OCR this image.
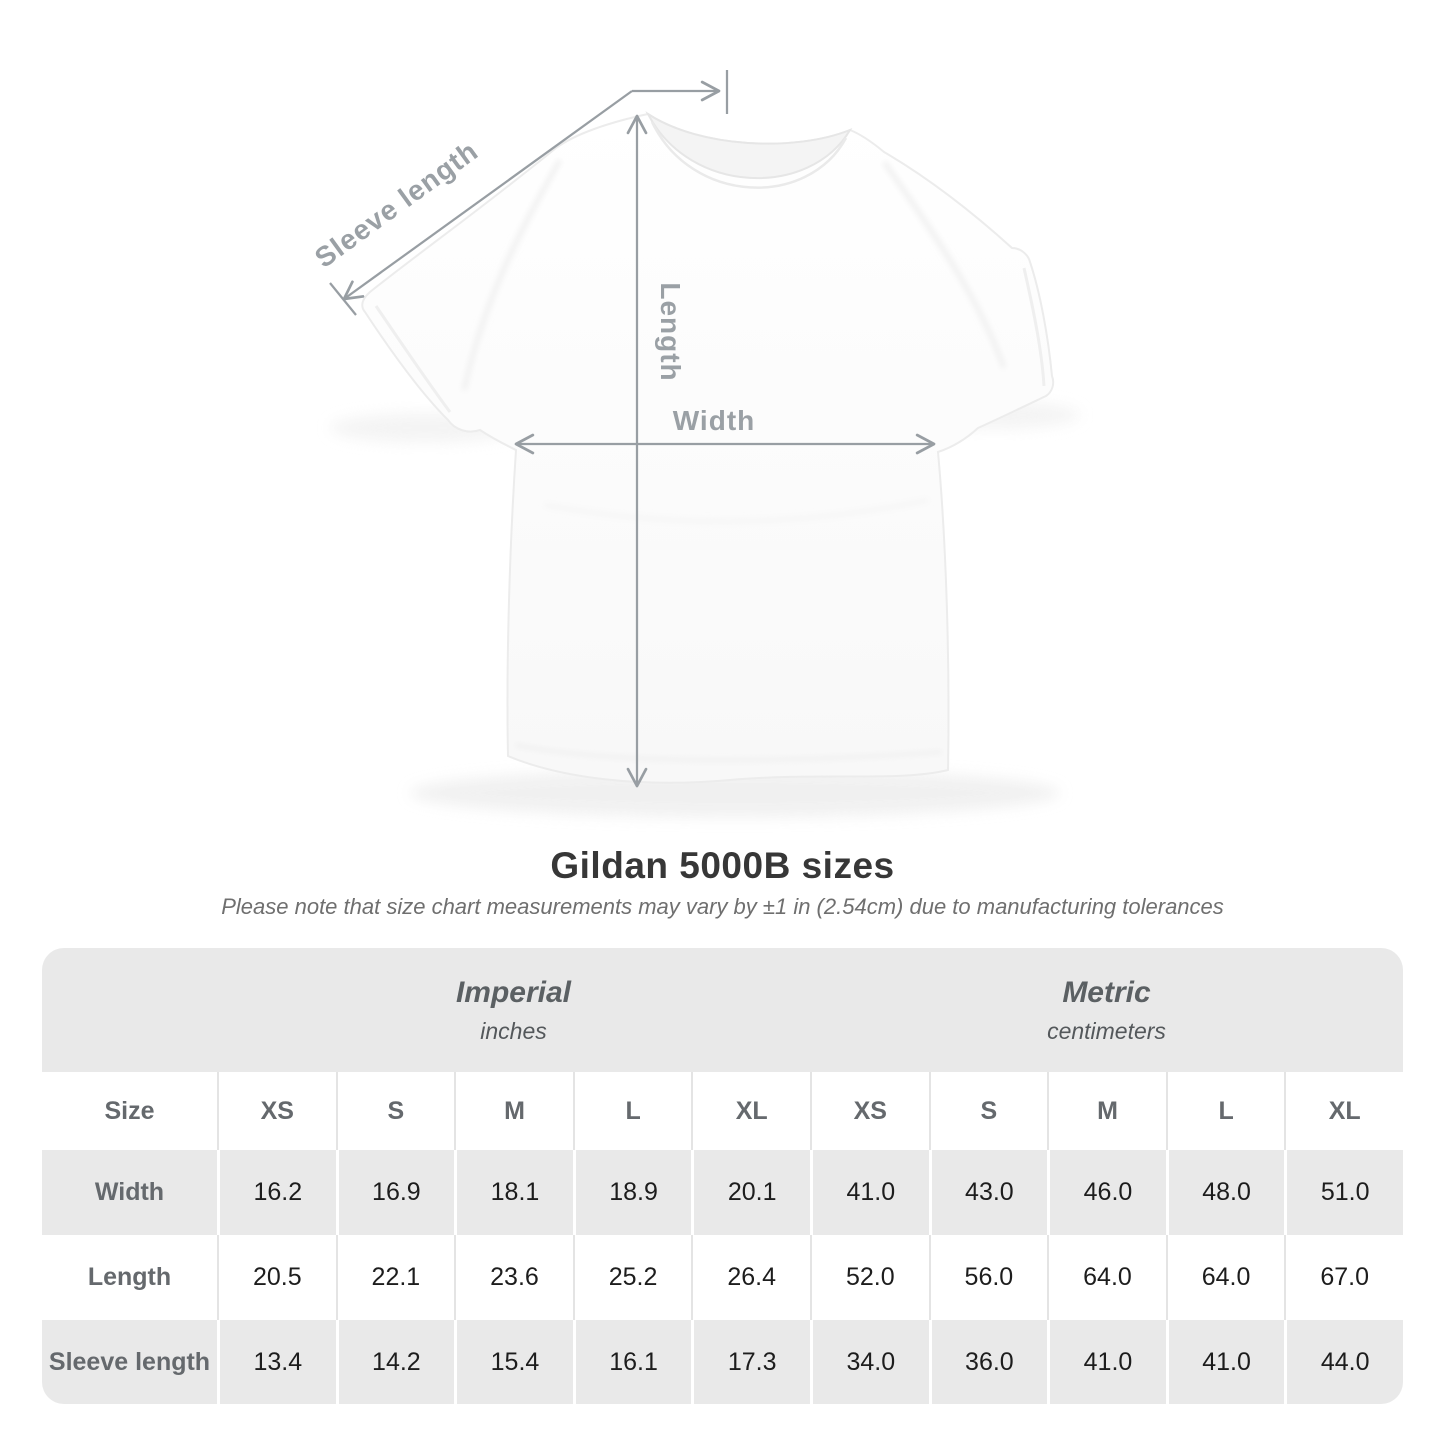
Sleeve length
Length
Width
Gildan 5000B sizes
Please note that size chart measurements may vary by ±1 in (2.54cm) due to manufacturing tolerances
Imperial
inches
Metric
centimeters
Size	XS	S	M	L	XL	XS	S	M	L	XL
Width	16.2	16.9	18.1	18.9	20.1	41.0	43.0	46.0	48.0	51.0
Length	20.5	22.1	23.6	25.2	26.4	52.0	56.0	64.0	64.0	67.0
Sleeve length	13.4	14.2	15.4	16.1	17.3	34.0	36.0	41.0	41.0	44.0
